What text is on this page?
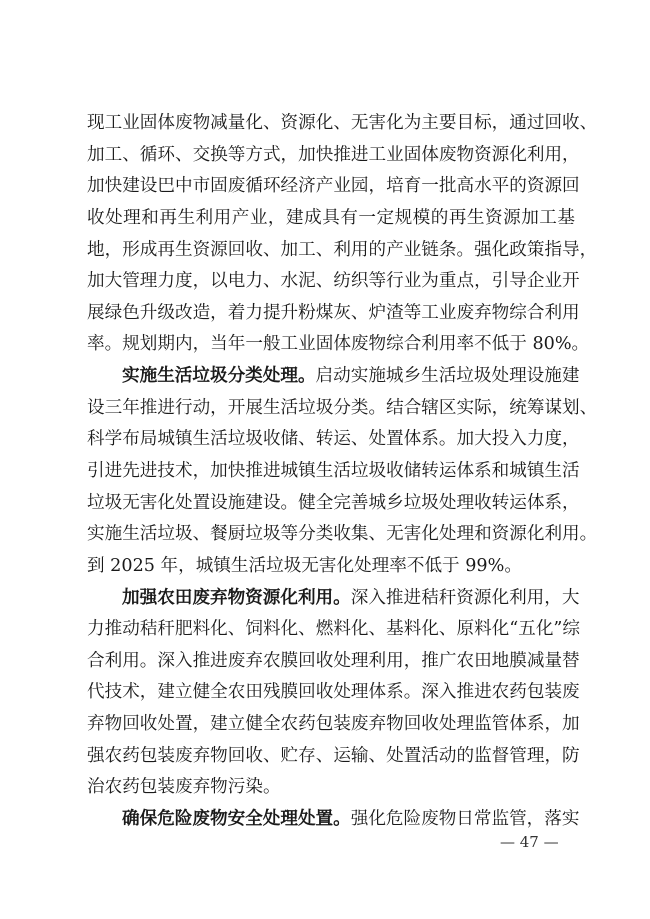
现工业固体废物减量化、资源化、无害化为主要目标，通过回收、
加工、循环、交换等方式，加快推进工业固体废物资源化利用，
加快建设巴中市固废循环经济产业园，培育一批高水平的资源回
收处理和再生利用产业，建成具有一定规模的再生资源加工基
地，形成再生资源回收、加工、利用的产业链条。强化政策指导，
加大管理力度，以电力、水泥、纺织等行业为重点，引导企业开
展绿色升级改造，着力提升粉煤灰、炉渣等工业废弃物综合利用
率。规划期内，当年一般工业固体废物综合利用率不低于 80%。
实施生活垃圾分类处理。启动实施城乡生活垃圾处理设施建
设三年推进行动，开展生活垃圾分类。结合辖区实际，统筹谋划、
科学布局城镇生活垃圾收储、转运、处置体系。加大投入力度，
引进先进技术，加快推进城镇生活垃圾收储转运体系和城镇生活
垃圾无害化处置设施建设。健全完善城乡垃圾处理收转运体系，
实施生活垃圾、餐厨垃圾等分类收集、无害化处理和资源化利用。
到 2025 年，城镇生活垃圾无害化处理率不低于 99%。
加强农田废弃物资源化利用。深入推进秸秆资源化利用，大
力推动秸秆肥料化、饲料化、燃料化、基料化、原料化“五化”综
合利用。深入推进废弃农膜回收处理利用，推广农田地膜减量替
代技术，建立健全农田残膜回收处理体系。深入推进农药包装废
弃物回收处置，建立健全农药包装废弃物回收处理监管体系，加
强农药包装废弃物回收、贮存、运输、处置活动的监督管理，防
治农药包装废弃物污染。
确保危险废物安全处理处置。强化危险废物日常监管，落实
— 47 —
